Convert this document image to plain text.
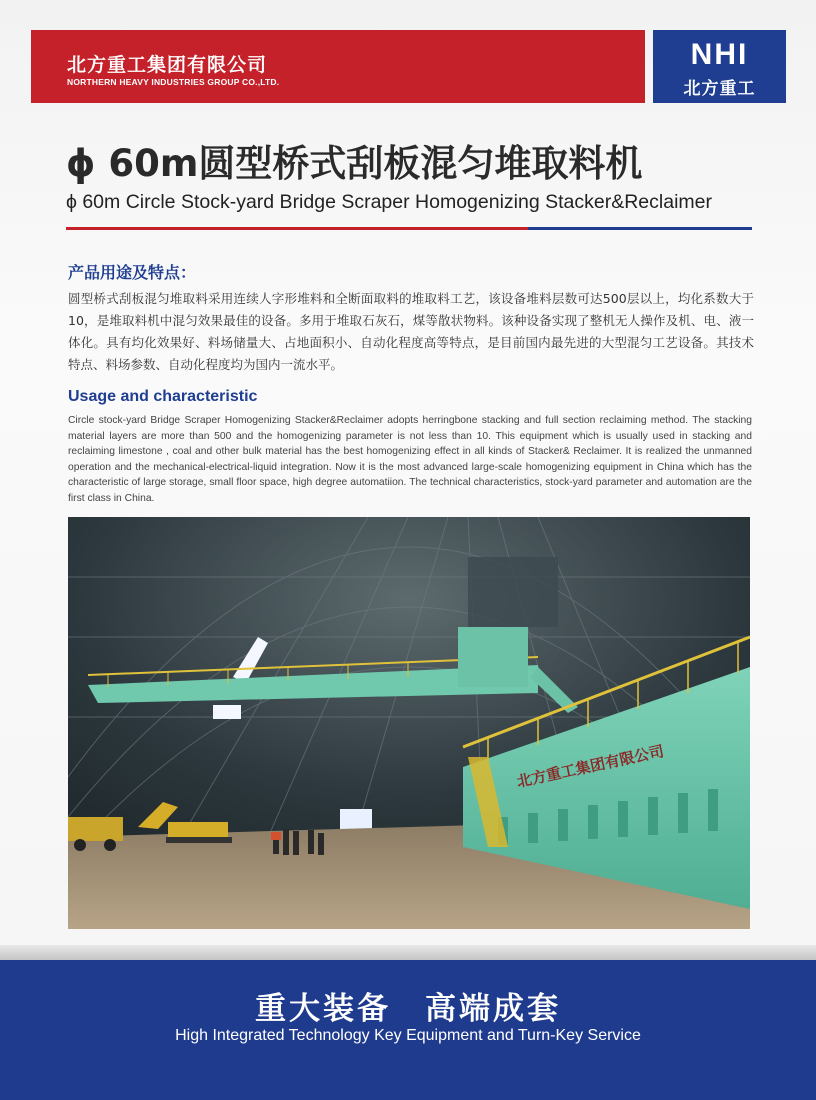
北方重工集团有限公司
NORTHERN HEAVY INDUSTRIES GROUP CO.,LTD.
NHI
北方重工
ϕ 60m圆型桥式刮板混匀堆取料机
ϕ 60m Circle Stock-yard Bridge Scraper Homogenizing Stacker&Reclaimer
产品用途及特点：
圆型桥式刮板混匀堆取料采用连续人字形堆料和全断面取料的堆取料工艺，该设备堆料层数可达500层以上，均化系数大于10，是堆取料机中混匀效果最佳的设备。多用于堆取石灰石，煤等散状物料。该种设备实现了整机无人操作及机、电、液一体化。具有均化效果好、料场储量大、占地面积小、自动化程度高等特点，是目前国内最先进的大型混匀工艺设备。其技术特点、料场参数、自动化程度均为国内一流水平。
Usage and characteristic
Circle stock-yard Bridge Scraper Homogenizing Stacker&Reclaimer adopts herringbone stacking and full section reclaiming method. The stacking material layers are more than 500 and the homogenizing parameter is not less than 10. This equipment which is usually used in stacking and reclaiming limestone , coal and other bulk material has the best homogenizing effect in all kinds of Stacker& Reclaimer. It is realized the unmanned operation and the mechanical-electrical-liquid integration. Now it is the most advanced large-scale homogenizing equipment in China which has the characteristic of large storage, small floor space, high degree automatiion. The technical characteristics, stock-yard parameter and automation are the first class in China.
北方重工集团有限公司
重大装备　高端成套
High Integrated Technology Key Equipment and Turn-Key Service
